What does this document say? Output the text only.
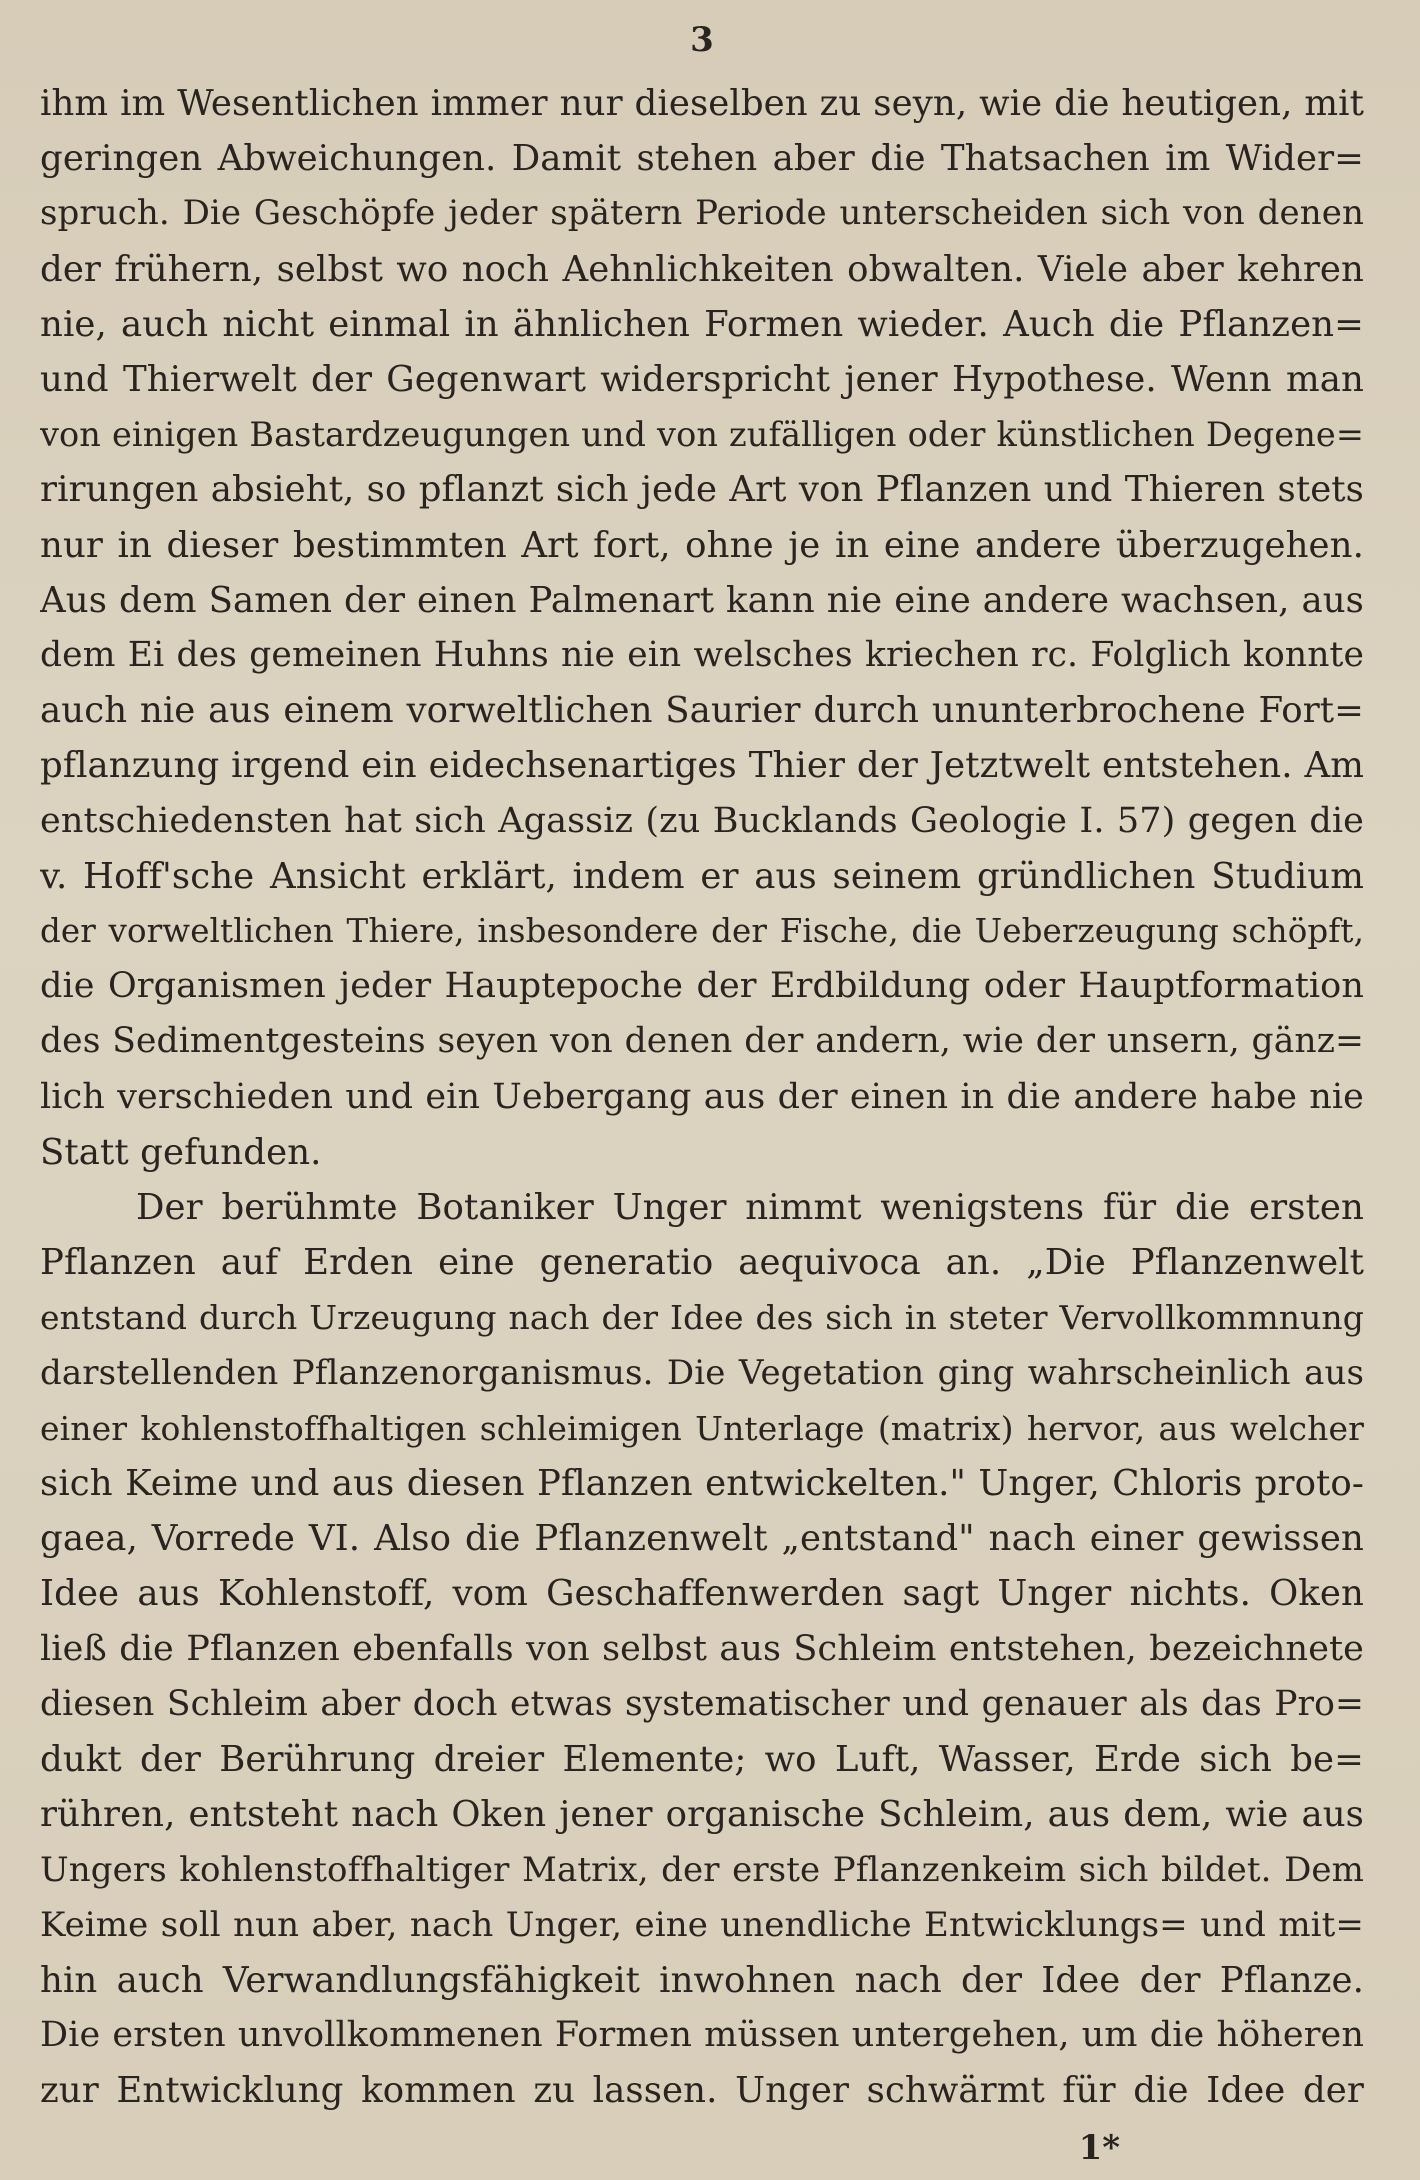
3
ihm im Wesentlichen immer nur dieselben zu seyn, wie die heutigen, mit
geringen Abweichungen. Damit stehen aber die Thatsachen im Wider=
spruch. Die Geschöpfe jeder spätern Periode unterscheiden sich von denen
der frühern, selbst wo noch Aehnlichkeiten obwalten. Viele aber kehren
nie, auch nicht einmal in ähnlichen Formen wieder. Auch die Pflanzen=
und Thierwelt der Gegenwart widerspricht jener Hypothese. Wenn man
von einigen Bastardzeugungen und von zufälligen oder künstlichen Degene=
rirungen absieht, so pflanzt sich jede Art von Pflanzen und Thieren stets
nur in dieser bestimmten Art fort, ohne je in eine andere überzugehen.
Aus dem Samen der einen Palmenart kann nie eine andere wachsen, aus
dem Ei des gemeinen Huhns nie ein welsches kriechen rc. Folglich konnte
auch nie aus einem vorweltlichen Saurier durch ununterbrochene Fort=
pflanzung irgend ein eidechsenartiges Thier der Jetztwelt entstehen. Am
entschiedensten hat sich Agassiz (zu Bucklands Geologie I. 57) gegen die
v. Hoff'sche Ansicht erklärt, indem er aus seinem gründlichen Studium
der vorweltlichen Thiere, insbesondere der Fische, die Ueberzeugung schöpft,
die Organismen jeder Hauptepoche der Erdbildung oder Hauptformation
des Sedimentgesteins seyen von denen der andern, wie der unsern, gänz=
lich verschieden und ein Uebergang aus der einen in die andere habe nie
Statt gefunden.
Der berühmte Botaniker Unger nimmt wenigstens für die ersten
Pflanzen auf Erden eine generatio aequivoca an. „Die Pflanzenwelt
entstand durch Urzeugung nach der Idee des sich in steter Vervollkommnung
darstellenden Pflanzenorganismus. Die Vegetation ging wahrscheinlich aus
einer kohlenstoffhaltigen schleimigen Unterlage (matrix) hervor, aus welcher
sich Keime und aus diesen Pflanzen entwickelten." Unger, Chloris proto-
gaea, Vorrede VI. Also die Pflanzenwelt „entstand" nach einer gewissen
Idee aus Kohlenstoff, vom Geschaffenwerden sagt Unger nichts. Oken
ließ die Pflanzen ebenfalls von selbst aus Schleim entstehen, bezeichnete
diesen Schleim aber doch etwas systematischer und genauer als das Pro=
dukt der Berührung dreier Elemente; wo Luft, Wasser, Erde sich be=
rühren, entsteht nach Oken jener organische Schleim, aus dem, wie aus
Ungers kohlenstoffhaltiger Matrix, der erste Pflanzenkeim sich bildet. Dem
Keime soll nun aber, nach Unger, eine unendliche Entwicklungs= und mit=
hin auch Verwandlungsfähigkeit inwohnen nach der Idee der Pflanze.
Die ersten unvollkommenen Formen müssen untergehen, um die höheren
zur Entwicklung kommen zu lassen. Unger schwärmt für die Idee der
1*
